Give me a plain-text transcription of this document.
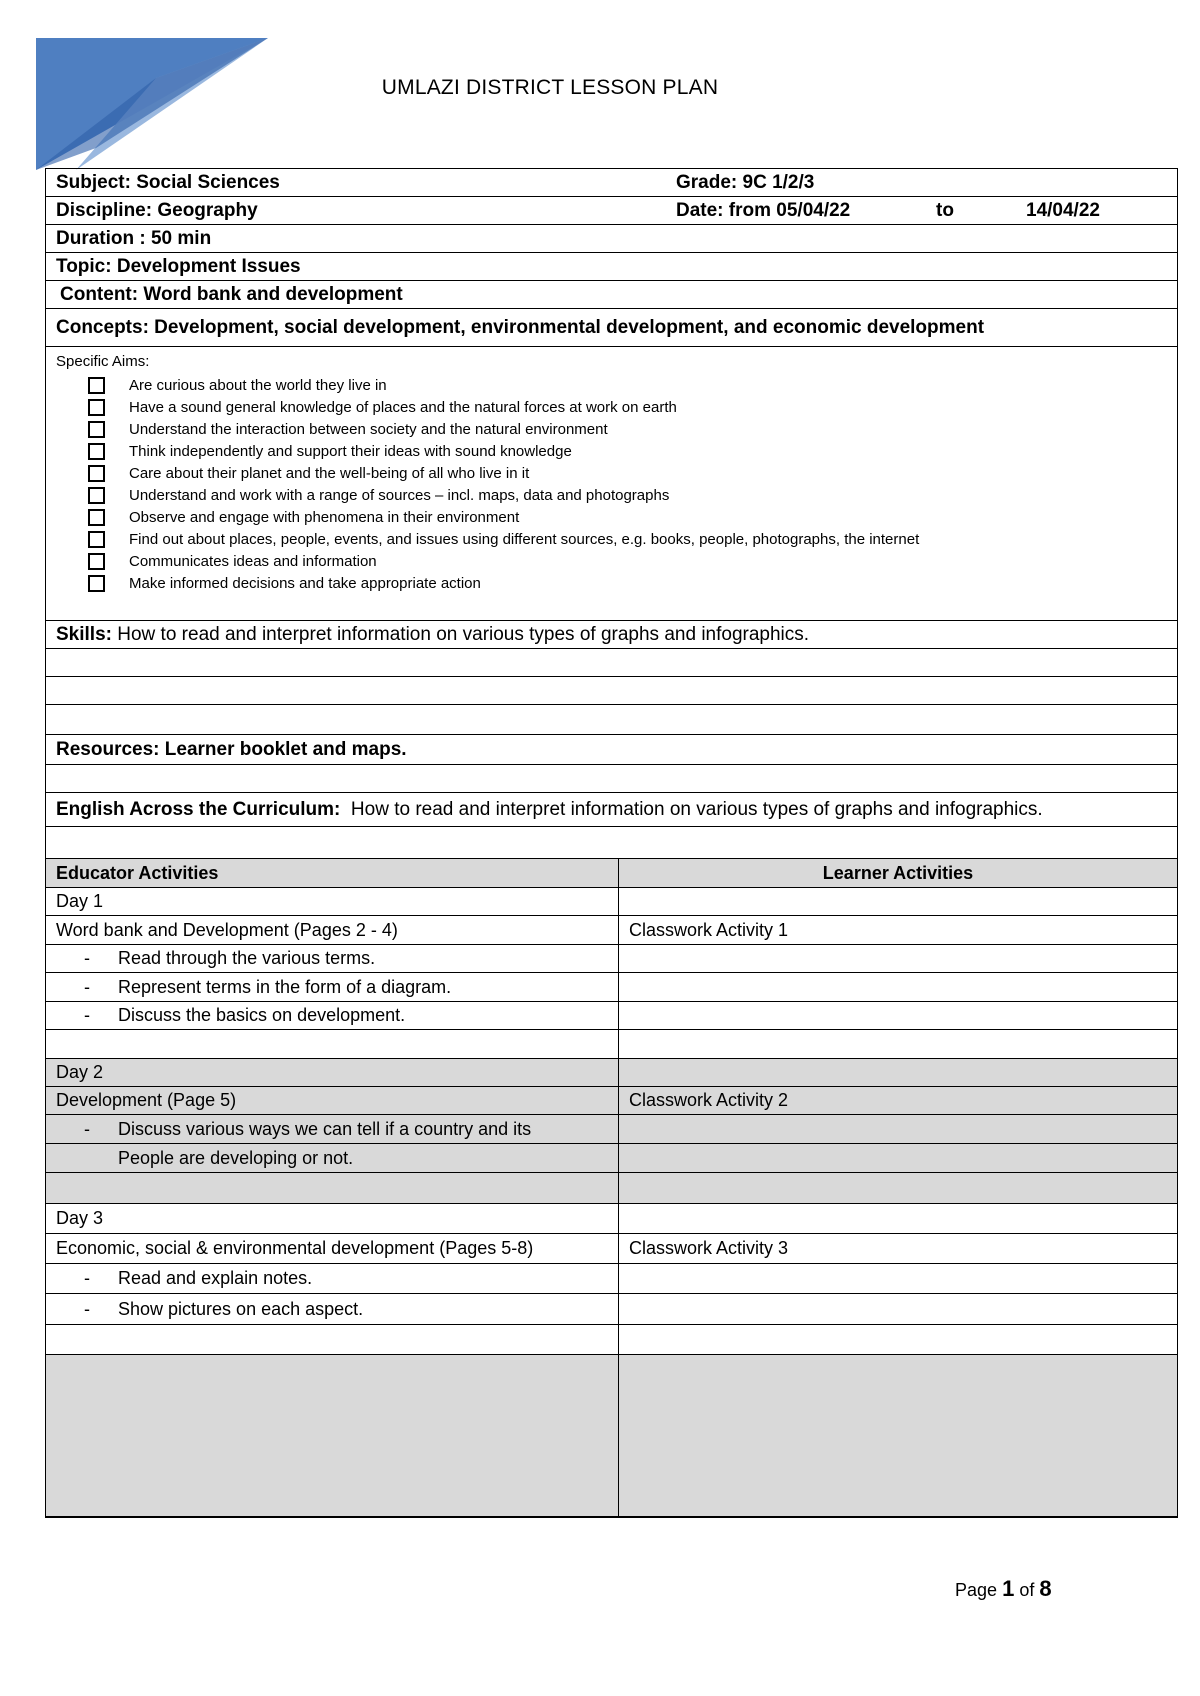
UMLAZI DISTRICT LESSON PLAN
Subject: Social Sciences	Grade: 9C 1/2/3
Discipline: Geography	Date: from 05/04/22	to	14/04/22
Duration : 50 min
Topic: Development Issues
Content: Word bank and development
Concepts: Development, social development, environmental development, and economic development
Specific Aims:
Are curious about the world they live in
Have a sound general knowledge of places and the natural forces at work on earth
Understand the interaction between society and the natural environment
Think independently and support their ideas with sound knowledge
Care about their planet and the well-being of all who live in it
Understand and work with a range of sources – incl. maps, data and photographs
Observe and engage with phenomena in their environment
Find out about places, people, events, and issues using different sources, e.g. books, people, photographs, the internet
Communicates ideas and information
Make informed decisions and take appropriate action
Skills: How to read and interpret information on various types of graphs and infographics.
Resources: Learner booklet and maps.
English Across the Curriculum: How to read and interpret information on various types of graphs and infographics.
Educator Activities	Learner Activities
Day 1
Word bank and Development (Pages 2 - 4)	Classwork Activity 1
-	Read through the various terms.
-	Represent terms in the form of a diagram.
-	Discuss the basics on development.
Day 2
Development (Page 5)	Classwork Activity 2
-	Discuss various ways we can tell if a country and its
People are developing or not.
Day 3
Economic, social & environmental development (Pages 5-8)	Classwork Activity 3
-	Read and explain notes.
-	Show pictures on each aspect.
Page 1 of 8
